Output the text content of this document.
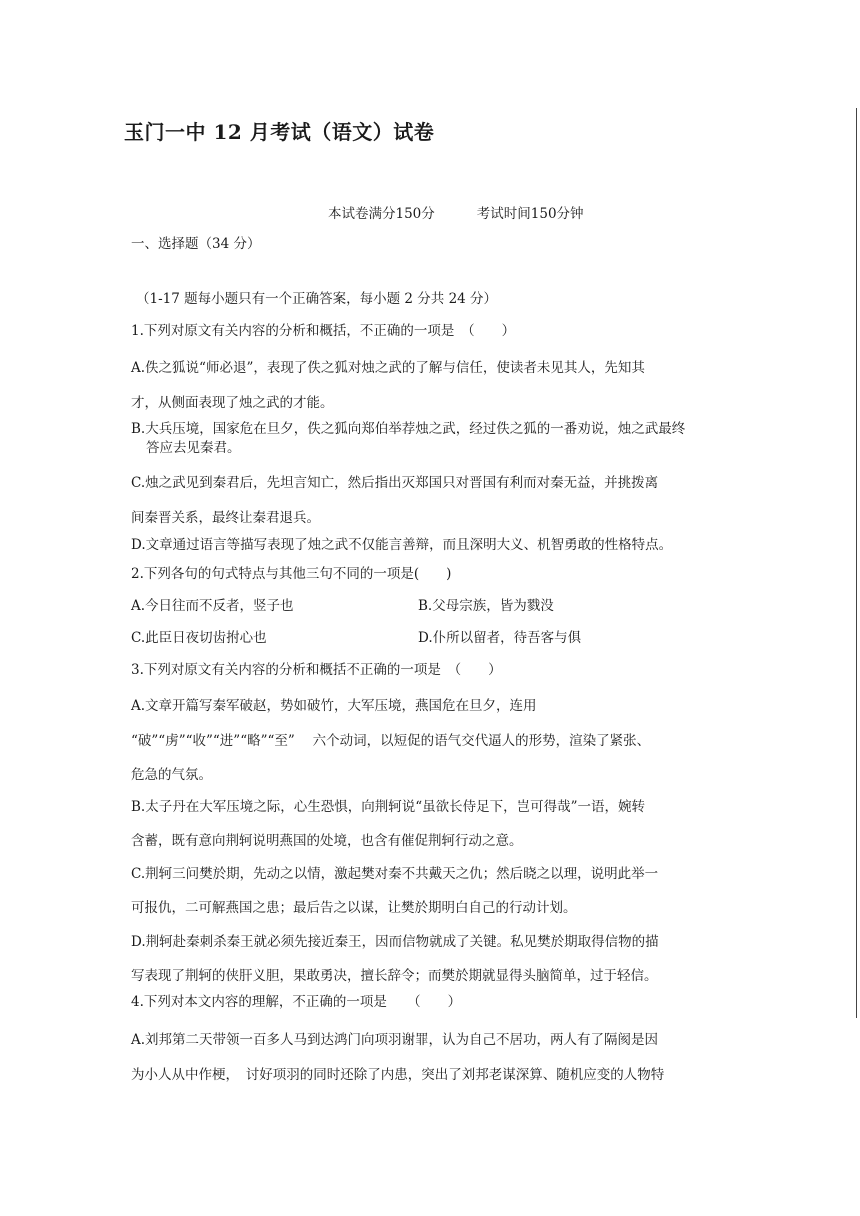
玉门一中 12 月考试（语文）试卷
本试卷满分150分	考试时间150分钟
一、选择题（34 分）
（1-17 题每小题只有一个正确答案，每小题 2 分共 24 分）
1.下列对原文有关内容的分析和概括，不正确的一项是　（　　）
A.佚之狐说“师必退”，表现了佚之狐对烛之武的了解与信任，使读者未见其人，先知其
才，从侧面表现了烛之武的才能。
B.大兵压境，国家危在旦夕，佚之狐向郑伯举荐烛之武，经过佚之狐的一番劝说，烛之武最终
答应去见秦君。
C.烛之武见到秦君后，先坦言知亡，然后指出灭郑国只对晋国有利而对秦无益，并挑拨离
间秦晋关系，最终让秦君退兵。
D.文章通过语言等描写表现了烛之武不仅能言善辩，而且深明大义、机智勇敢的性格特点。
2.下列各句的句式特点与其他三句不同的一项是(　　)
A.今日往而不反者，竖子也	B.父母宗族，皆为戮没
C.此臣日夜切齿拊心也	D.仆所以留者，待吾客与俱
3.下列对原文有关内容的分析和概括不正确的一项是　（　　）
A.文章开篇写秦军破赵，势如破竹，大军压境，燕国危在旦夕，连用
“破”“虏”“收”“进”“略”“至”　 六个动词，以短促的语气交代逼人的形势，渲染了紧张、
危急的气氛。
B.太子丹在大军压境之际，心生恐惧，向荆轲说“虽欲长侍足下，岂可得哉”一语，婉转
含蓄，既有意向荆轲说明燕国的处境，也含有催促荆轲行动之意。
C.荆轲三问樊於期，先动之以情，激起樊对秦不共戴天之仇；然后晓之以理，说明此举一
可报仇，二可解燕国之患；最后告之以谋，让樊於期明白自己的行动计划。
D.荆轲赴秦刺杀秦王就必须先接近秦王，因而信物就成了关键。私见樊於期取得信物的描
写表现了荆轲的侠肝义胆，果敢勇决，擅长辞令；而樊於期就显得头脑简单，过于轻信。
4.下列对本文内容的理解，不正确的一项是　　（　　）
A.刘邦第二天带领一百多人马到达鸿门向项羽谢罪，认为自己不居功，两人有了隔阂是因
为小人从中作梗，　讨好项羽的同时还除了内患，突出了刘邦老谋深算、随机应变的人物特
